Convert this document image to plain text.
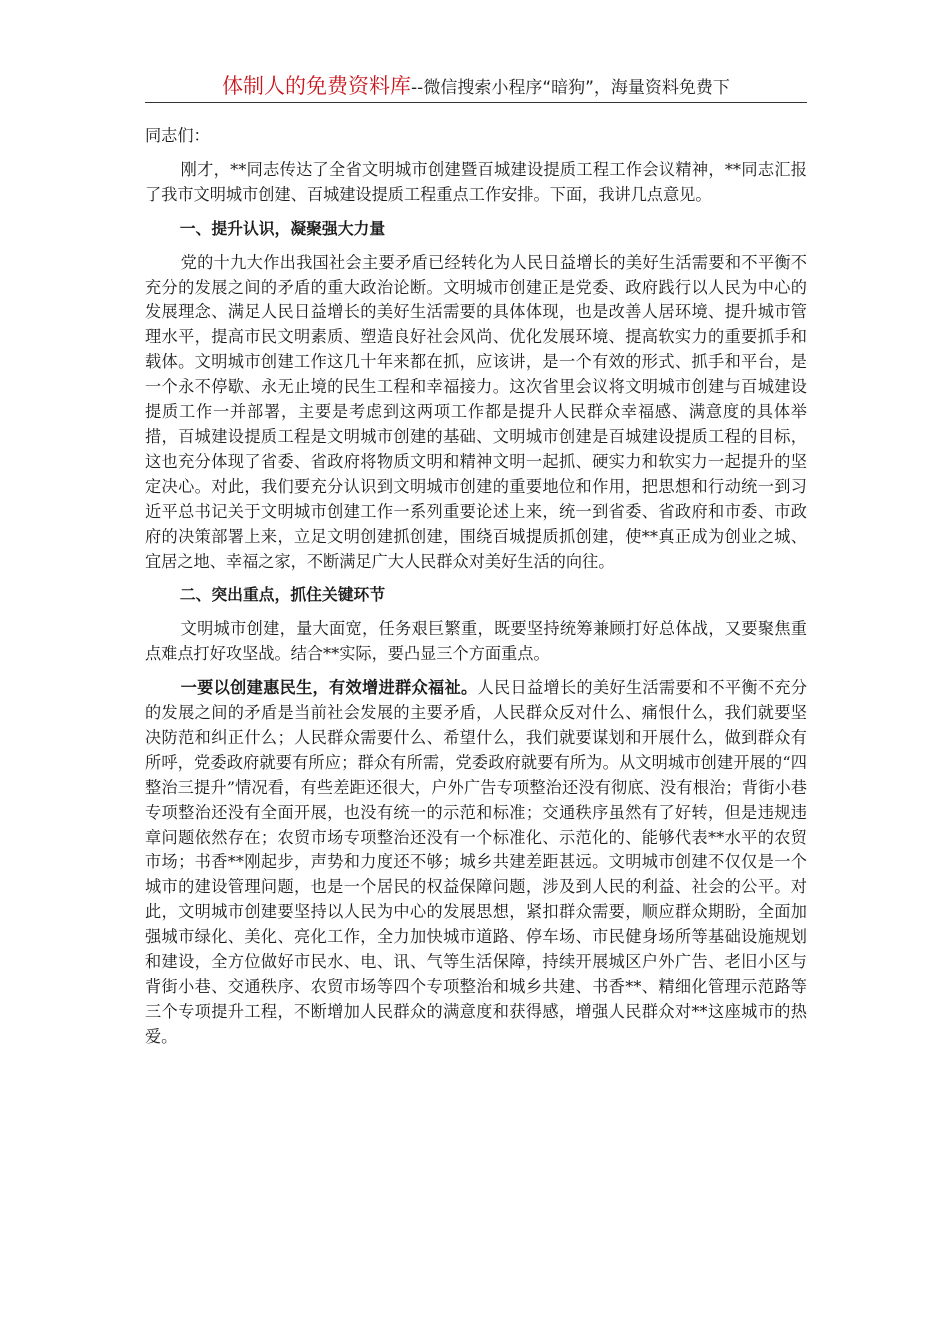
体制人的免费资料库--微信搜索小程序“暗狗”，海量资料免费下

同志们：

刚才，**同志传达了全省文明城市创建暨百城建设提质工程工作会议精神，**同志汇报了我市文明城市创建、百城建设提质工程重点工作安排。下面，我讲几点意见。

一、提升认识，凝聚强大力量

党的十九大作出我国社会主要矛盾已经转化为人民日益增长的美好生活需要和不平衡不充分的发展之间的矛盾的重大政治论断。文明城市创建正是党委、政府践行以人民为中心的发展理念、满足人民日益增长的美好生活需要的具体体现，也是改善人居环境、提升城市管理水平，提高市民文明素质、塑造良好社会风尚、优化发展环境、提高软实力的重要抓手和载体。文明城市创建工作这几十年来都在抓，应该讲，是一个有效的形式、抓手和平台，是一个永不停歇、永无止境的民生工程和幸福接力。这次省里会议将文明城市创建与百城建设提质工作一并部署，主要是考虑到这两项工作都是提升人民群众幸福感、满意度的具体举措，百城建设提质工程是文明城市创建的基础、文明城市创建是百城建设提质工程的目标，这也充分体现了省委、省政府将物质文明和精神文明一起抓、硬实力和软实力一起提升的坚定决心。对此，我们要充分认识到文明城市创建的重要地位和作用，把思想和行动统一到习近平总书记关于文明城市创建工作一系列重要论述上来，统一到省委、省政府和市委、市政府的决策部署上来，立足文明创建抓创建，围绕百城提质抓创建，使**真正成为创业之城、宜居之地、幸福之家，不断满足广大人民群众对美好生活的向往。

二、突出重点，抓住关键环节

文明城市创建，量大面宽，任务艰巨繁重，既要坚持统筹兼顾打好总体战，又要聚焦重点难点打好攻坚战。结合**实际，要凸显三个方面重点。

一要以创建惠民生，有效增进群众福祉。人民日益增长的美好生活需要和不平衡不充分的发展之间的矛盾是当前社会发展的主要矛盾，人民群众反对什么、痛恨什么，我们就要坚决防范和纠正什么；人民群众需要什么、希望什么，我们就要谋划和开展什么，做到群众有所呼，党委政府就要有所应；群众有所需，党委政府就要有所为。从文明城市创建开展的“四整治三提升”情况看，有些差距还很大，户外广告专项整治还没有彻底、没有根治；背街小巷专项整治还没有全面开展，也没有统一的示范和标准；交通秩序虽然有了好转，但是违规违章问题依然存在；农贸市场专项整治还没有一个标准化、示范化的、能够代表**水平的农贸市场；书香**刚起步，声势和力度还不够；城乡共建差距甚远。文明城市创建不仅仅是一个城市的建设管理问题，也是一个居民的权益保障问题，涉及到人民的利益、社会的公平。对此，文明城市创建要坚持以人民为中心的发展思想，紧扣群众需要，顺应群众期盼，全面加强城市绿化、美化、亮化工作，全力加快城市道路、停车场、市民健身场所等基础设施规划和建设，全方位做好市民水、电、讯、气等生活保障，持续开展城区户外广告、老旧小区与背街小巷、交通秩序、农贸市场等四个专项整治和城乡共建、书香**、精细化管理示范路等三个专项提升工程，不断增加人民群众的满意度和获得感，增强人民群众对**这座城市的热爱。
